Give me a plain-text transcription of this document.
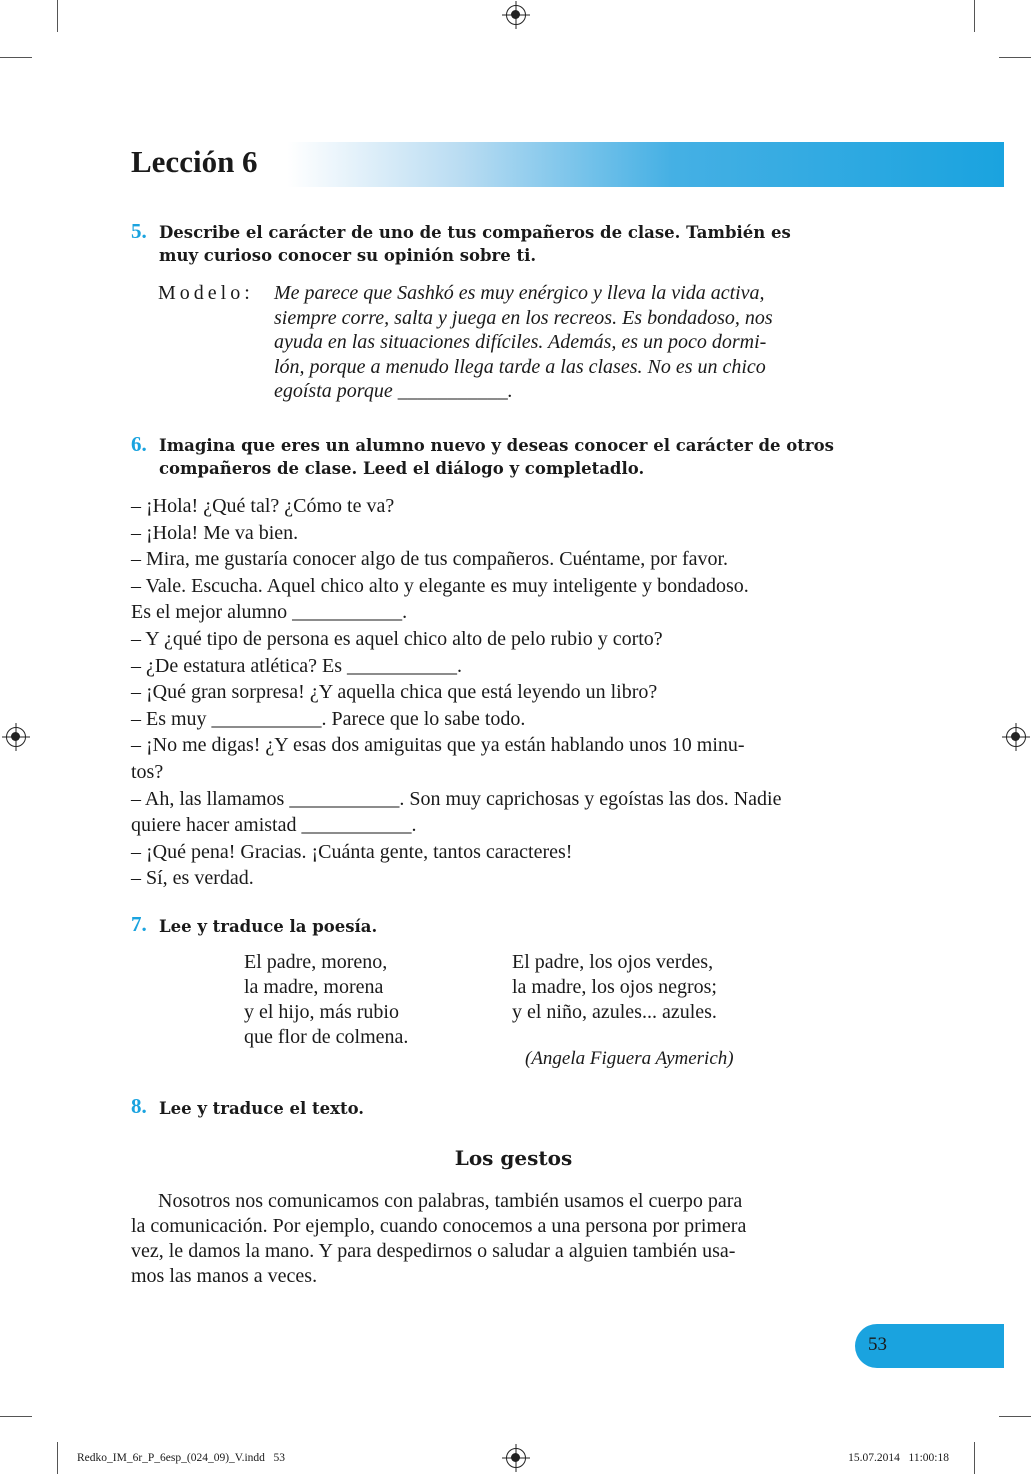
Lección 6
5. Describe el carácter de uno de tus compañeros de clase. También es
muy curioso conocer su opinión sobre ti.
Modelo: Me parece que Sashkó es muy enérgico y lleva la vida activa,
siempre corre, salta y juega en los recreos. Es bondadoso, nos
ayuda en las situaciones difíciles. Además, es un poco dormi-
lón, porque a menudo llega tarde a las clases. No es un chico
egoísta porque ___________.
6. Imagina que eres un alumno nuevo y deseas conocer el carácter de otros
compañeros de clase. Leed el diálogo y completadlo.
– ¡Hola! ¿Qué tal? ¿Cómo te va?
– ¡Hola! Me va bien.
– Mira, me gustaría conocer algo de tus compañeros. Cuéntame, por favor.
– Vale. Escucha. Aquel chico alto y elegante es muy inteligente y bondadoso.
Es el mejor alumno ___________.
– Y ¿qué tipo de persona es aquel chico alto de pelo rubio y corto?
– ¿De estatura atlética? Es ___________.
– ¡Qué gran sorpresa! ¿Y aquella chica que está leyendo un libro?
– Es muy ___________. Parece que lo sabe todo.
– ¡No me digas! ¿Y esas dos amiguitas que ya están hablando unos 10 minu-
tos?
– Ah, las llamamos ___________. Son muy caprichosas y egoístas las dos. Nadie
quiere hacer amistad ___________.
– ¡Qué pena! Gracias. ¡Cuánta gente, tantos caracteres!
– Sí, es verdad.
7. Lee y traduce la poesía.
El padre, moreno,
la madre, morena
y el hijo, más rubio
que flor de colmena.
El padre, los ojos verdes,
la madre, los ojos negros;
y el niño, azules... azules.
(Angela Figuera Aymerich)
8. Lee y traduce el texto.
Los gestos
Nosotros nos comunicamos con palabras, también usamos el cuerpo para
la comunicación. Por ejemplo, cuando conocemos a una persona por primera
vez, le damos la mano. Y para despedirnos o saludar a alguien también usa-
mos las manos a veces.
53
Redko_IM_6r_P_6esp_(024_09)_V.indd   53	15.07.2014   11:00:18
